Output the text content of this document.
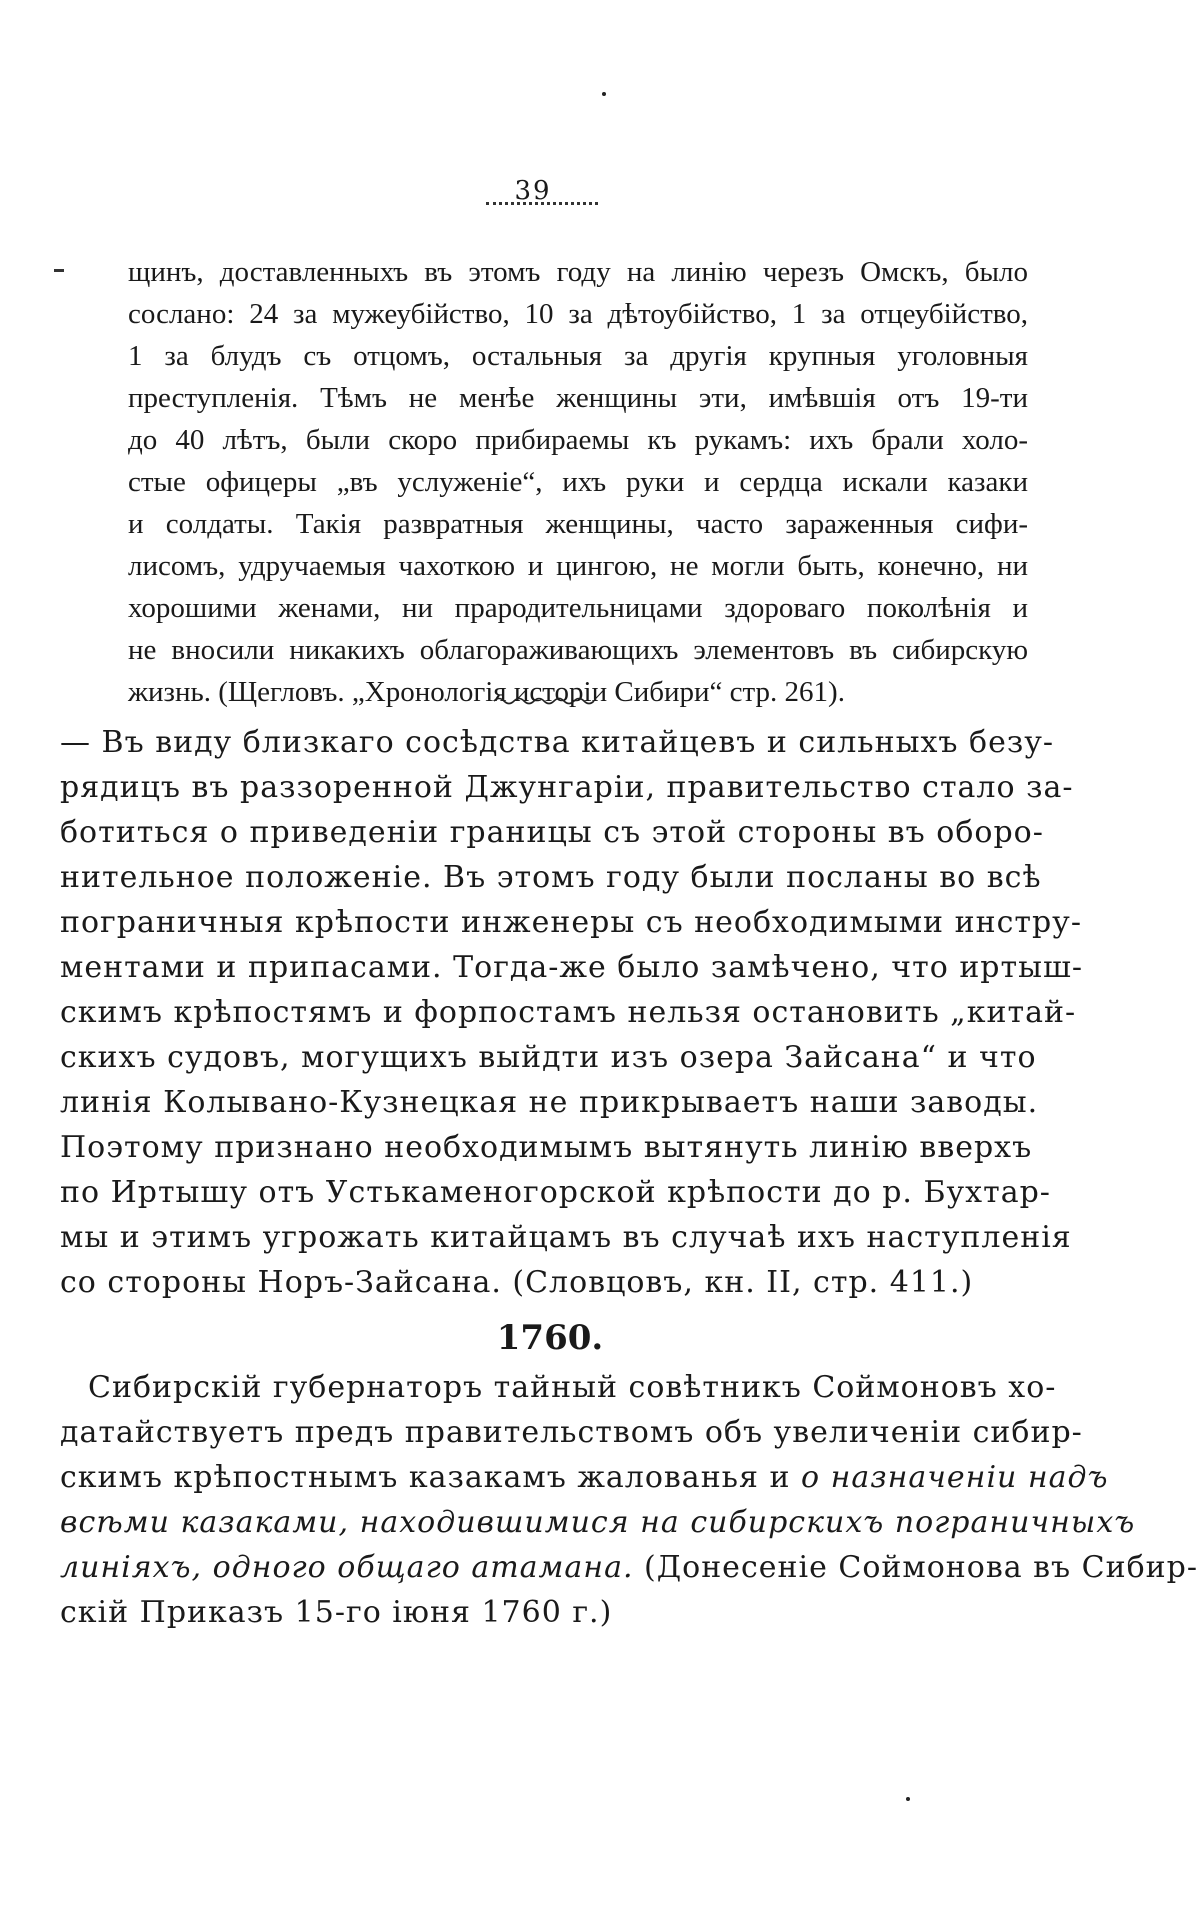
39
щинъ, доставленныхъ въ этомъ году на линію черезъ Омскъ, было
сослано: 24 за мужеубійство, 10 за дѣтоубійство, 1 за отцеубійство,
1 за блудъ съ отцомъ, остальныя за другія крупныя уголовныя
преступленія. Тѣмъ не менѣе женщины эти, имѣвшія отъ 19-ти
до 40 лѣтъ, были скоро прибираемы къ рукамъ: ихъ брали холо-
стые офицеры „въ услуженіе“, ихъ руки и сердца искали казаки
и солдаты. Такія развратныя женщины, часто зараженныя сифи-
лисомъ, удручаемыя чахоткою и цингою, не могли быть, конечно, ни
хорошими женами, ни прародительницами здороваго поколѣнія и
не вносили никакихъ облагораживающихъ элементовъ въ сибирскую
жизнь. (Щегловъ. „Хронологія исторіи Сибири“ стр. 261).
— Въ виду близкаго сосѣдства китайцевъ и сильныхъ безу-
рядицъ въ раззоренной Джунгаріи, правительство стало за-
ботиться о приведеніи границы съ этой стороны въ оборо-
нительное положеніе. Въ этомъ году были посланы во всѣ
пограничныя крѣпости инженеры съ необходимыми инстру-
ментами и припасами. Тогда-же было замѣчено, что иртыш-
скимъ крѣпостямъ и форпостамъ нельзя остановить „китай-
скихъ судовъ, могущихъ выйдти изъ озера Зайсана“ и что
линія Колывано-Кузнецкая не прикрываетъ наши заводы.
Поэтому признано необходимымъ вытянуть линію вверхъ
по Иртышу отъ Устькаменогорской крѣпости до р. Бухтар-
мы и этимъ угрожать китайцамъ въ случаѣ ихъ наступленія
со стороны Норъ-Зайсана. (Словцовъ, кн. II, стр. 411.)
1760.
Сибирскій губернаторъ тайный совѣтникъ Соймоновъ хо-
датайствуетъ предъ правительствомъ объ увеличеніи сибир-
скимъ крѣпостнымъ казакамъ жалованья и о назначеніи надъ
всѣми казаками, находившимися на сибирскихъ пограничныхъ
линіяхъ, одного общаго атамана. (Донесеніе Соймонова въ Сибир-
скій Приказъ 15-го іюня 1760 г.)
